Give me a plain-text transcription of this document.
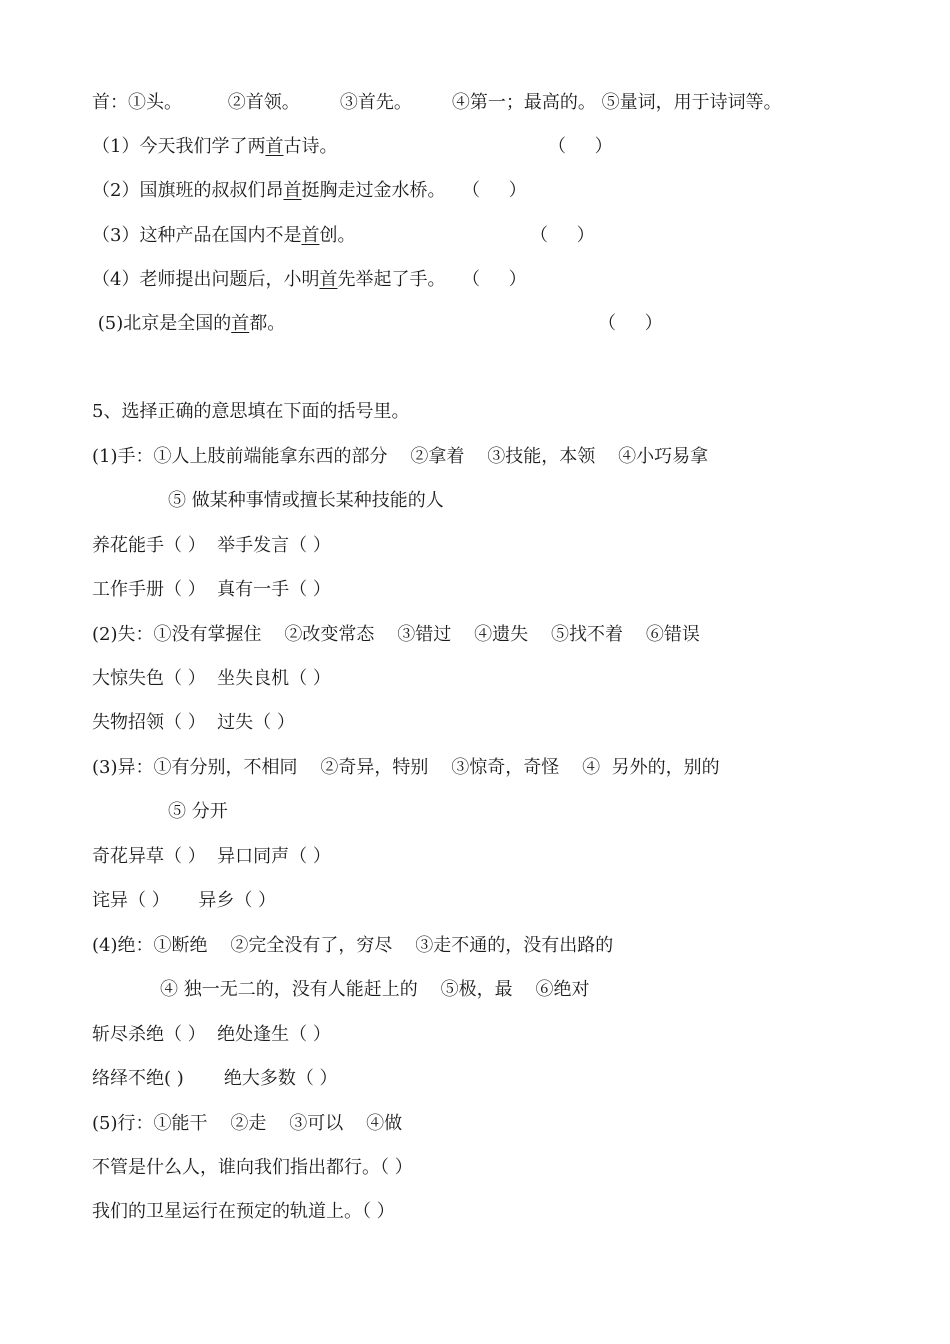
首：①头。        ②首领。       ③首先。       ④第一；最高的。 ⑤量词，用于诗词等。
（1）今天我们学了两首古诗。	（     ）
（2）国旗班的叔叔们昂首挺胸走过金水桥。 （     ）
（3）这种产品在国内不是首创。	（     ）
（4）老师提出问题后，小明首先举起了手。 （     ）
(5)北京是全国的首都。	（     ）
5、选择正确的意思填在下面的括号里。
(1)手：①人上肢前端能拿东西的部分    ②拿着    ③技能，本领    ④小巧易拿
⑤ 做某种事情或擅长某种技能的人
养花能手（ ）  举手发言（ ）
工作手册（ ）  真有一手（ ）
(2)失：①没有掌握住    ②改变常态    ③错过    ④遗失    ⑤找不着    ⑥错误
大惊失色（ ）  坐失良机（ ）
失物招领（ ）  过失（ ）
(3)异：①有分别，不相同    ②奇异，特别    ③惊奇，奇怪    ④  另外的，别的
⑤ 分开
奇花异草（ ）  异口同声（ ）
诧异（ ）     异乡（ ）
(4)绝：①断绝    ②完全没有了，穷尽    ③走不通的，没有出路的
④ 独一无二的，没有人能赶上的    ⑤极，最    ⑥绝对
斩尽杀绝（ ）  绝处逢生（ ）
络绎不绝( )       绝大多数（ ）
(5)行：①能干    ②走    ③可以    ④做
不管是什么人，谁向我们指出都行。（ ）
我们的卫星运行在预定的轨道上。（ ）
